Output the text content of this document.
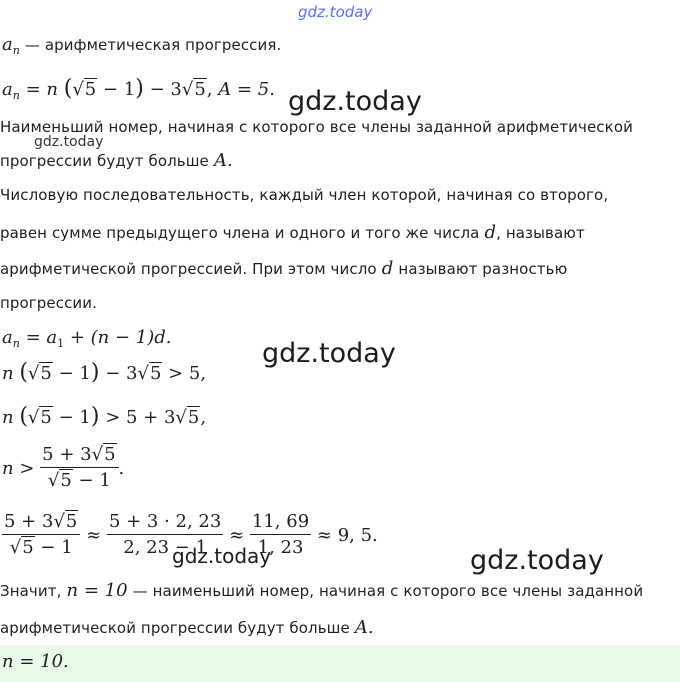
gdz.today
$a_n$ — арифметическая прогрессия.
$a_n = n$ (√5 − 1) − 3√5, A = 5. gdz.today
Наименьший номер, начиная с которого все члены заданной арифметической
gdz.today
прогрессии будут больше A.
Числовую последовательность, каждый член которой, начиная со второго,
равен сумме предыдущего члена и одного и того же числа d, называют
арифметической прогрессией. При этом число d называют разностью
прогрессии.
$a_n = a_1 + (n - 1)d$.
gdz.today
n (√5 − 1) − 3√5 > 5,
n (√5 − 1) > 5 + 3√5,
n
>
$\frac{5 + 3√5}{√5 - 1}$ .
$\frac{5 + 3√5}{√5 - 1}$
≈
$\frac{5 + 3 \cdot 2, 23}{2, 23 - 1}$
≈
$\frac{11, 69}{1, 23}$
≈ 9, 5.
gdz.today	gdz.today
Значит, n = 10 — наименьший номер, начиная с которого все члены заданной
арифметической прогрессии будут больше A.
n = 10.
